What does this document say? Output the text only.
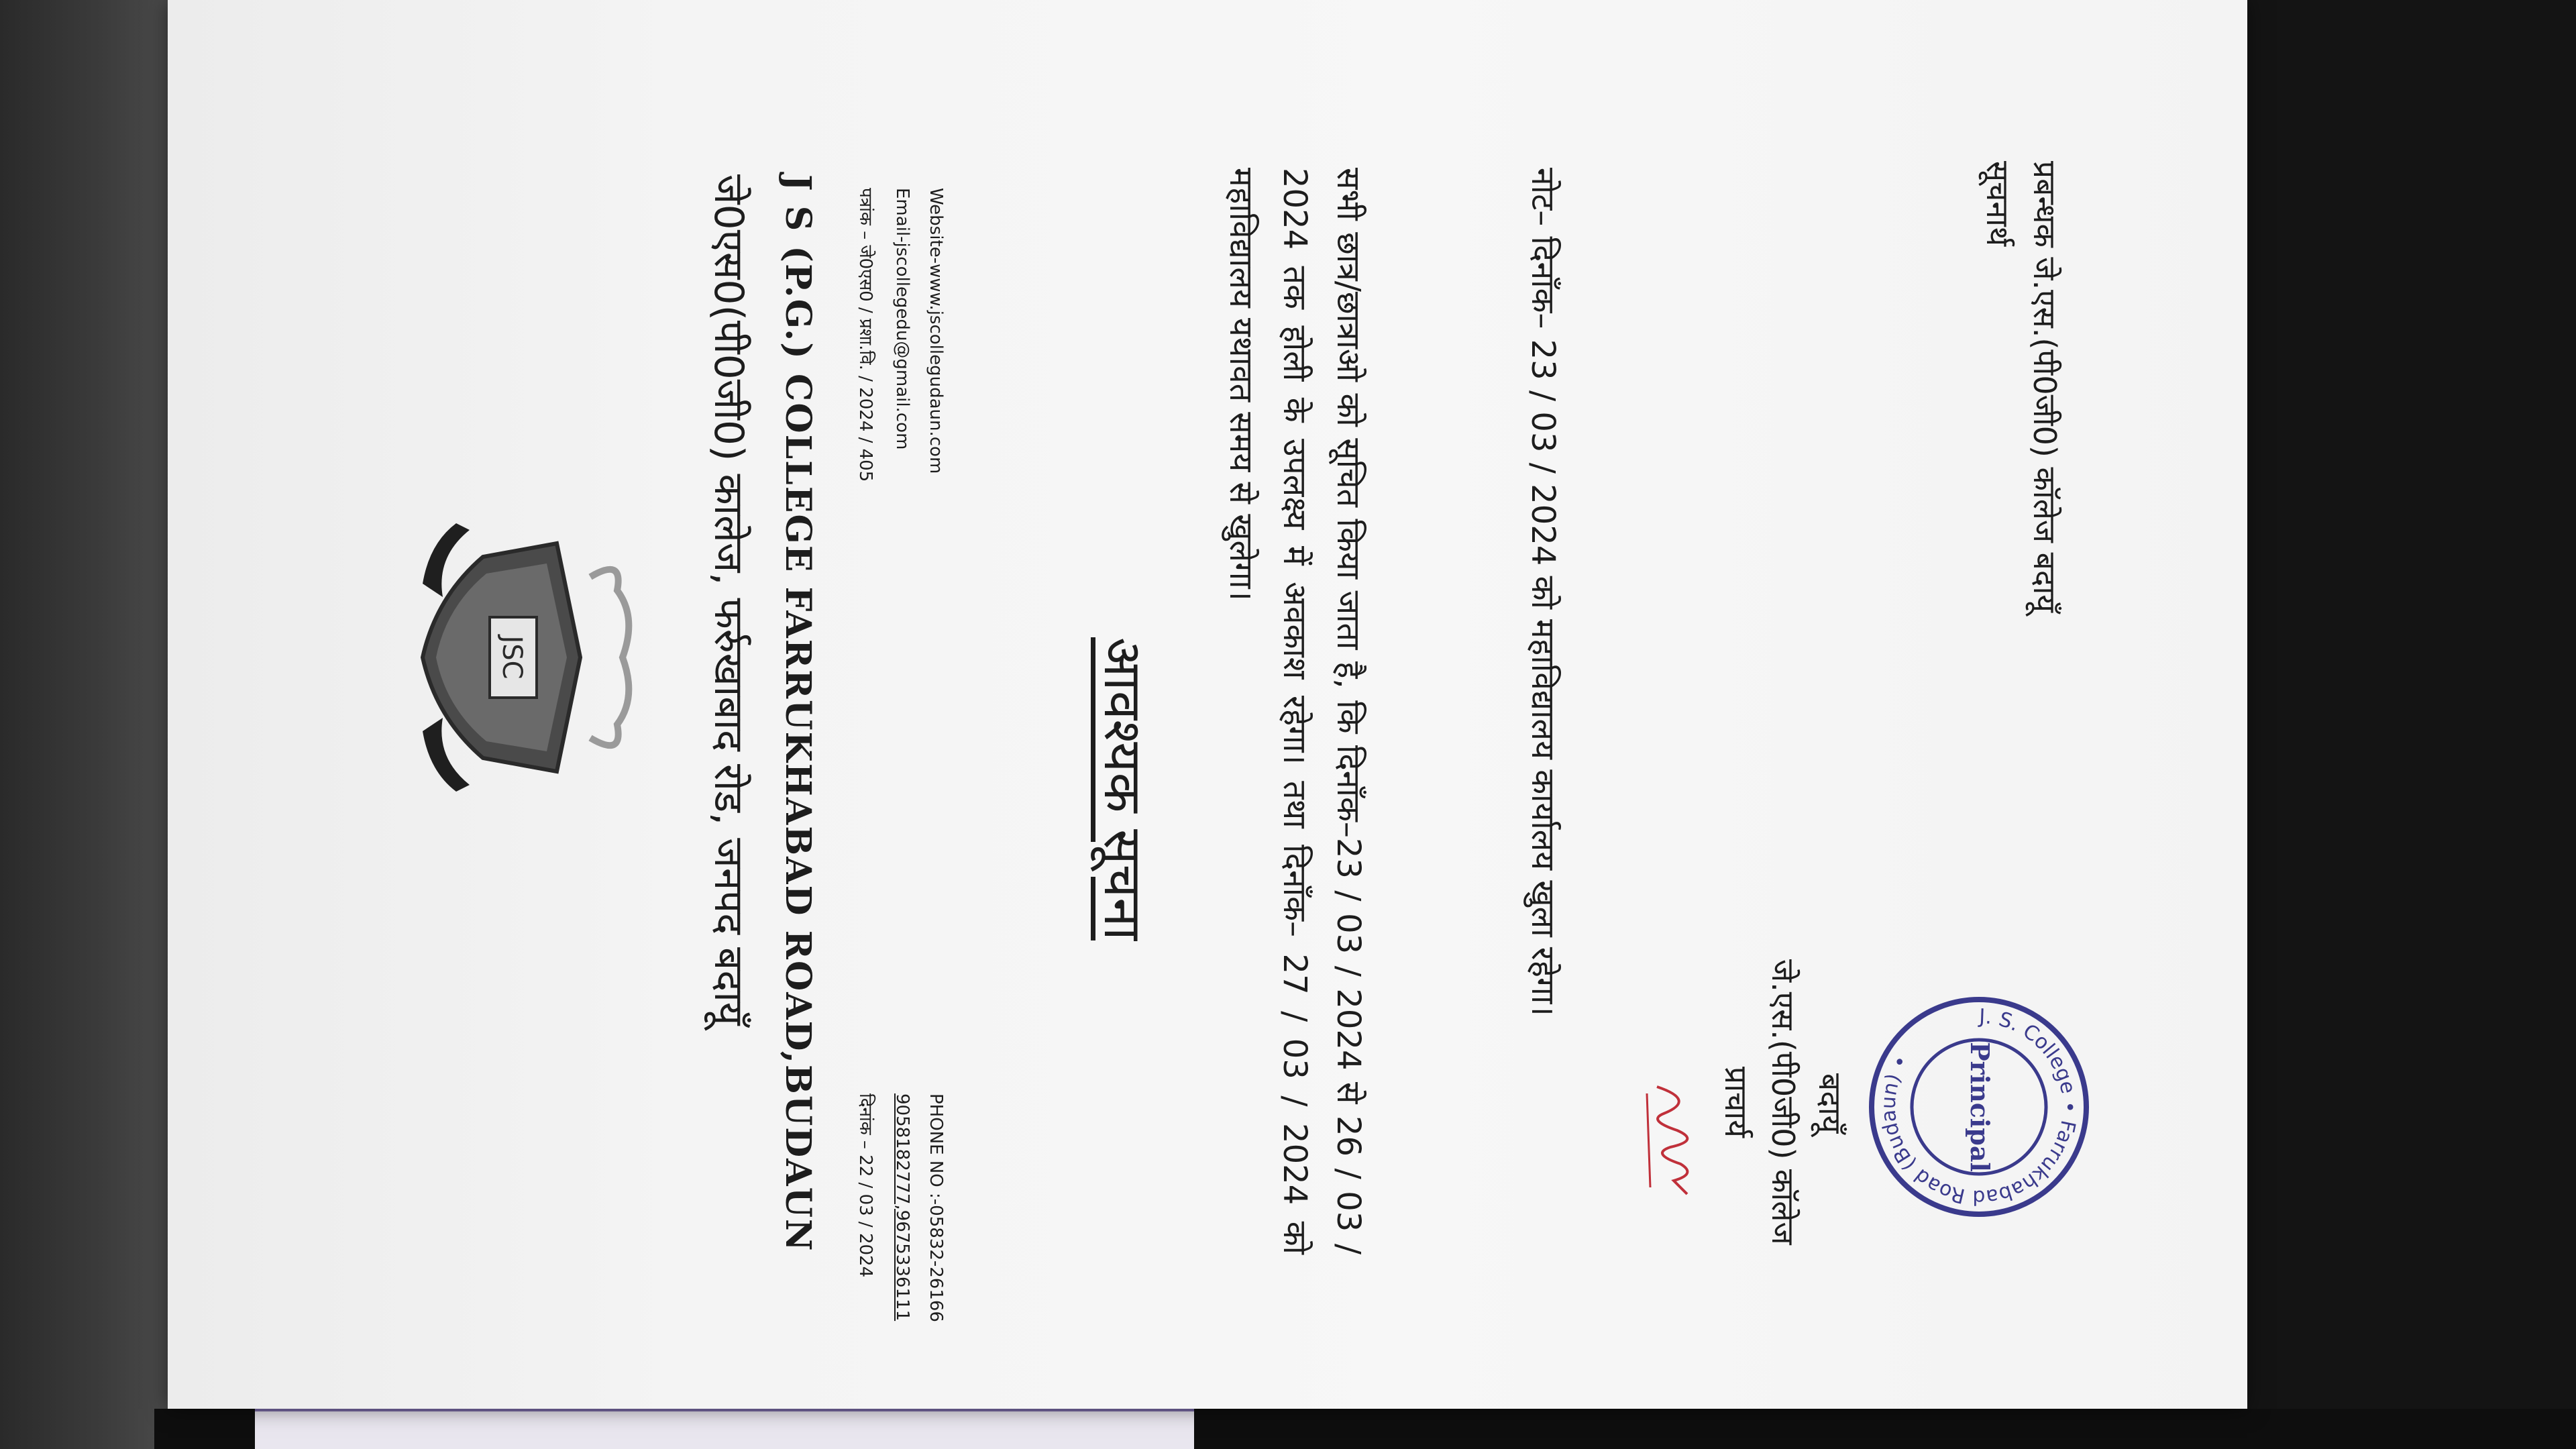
J S (P.G.) COLLEGE FARRUKHABAD ROAD,BUDAUN
जे0एस0(पी0जी0) कालेज, फर्रुखाबाद रोड, जनपद बदायूँ
JSC
Website-www.jscollegudaun.com
Email-jscollegedu@gmail.com
पत्रांक – जे0एस0 / प्रशा.वि. / 2024 / 405
PHONE NO :-05832-26166
9058182777,9675336111
दिनांक – 22 / 03 / 2024
आवश्यक सूचना	सभी छात्र/छात्राओ को सूचित किया जाता है, कि दिनाँक–23 / 03 / 2024 से 26 / 03 / 2024 तक होली के उपलक्ष्य में अवकाश रहेगा। तथा दिनाँक– 27 / 03 / 2024 को महाविद्यालय यथावत समय से खुलेगा।	नोट– दिनाँक– 23 / 03 / 2024 को महाविद्यालय कार्यालय खुला रहेगा।
प्राचार्य जे.एस.(पी0जी0) कॉलेज बदायूँ
J. S. College • Farrukhabad Road (Budaun) •	Principal
सूचनार्थ प्रबन्धक जे.एस.(पी0जी0) कॉलेज बदायूँ
